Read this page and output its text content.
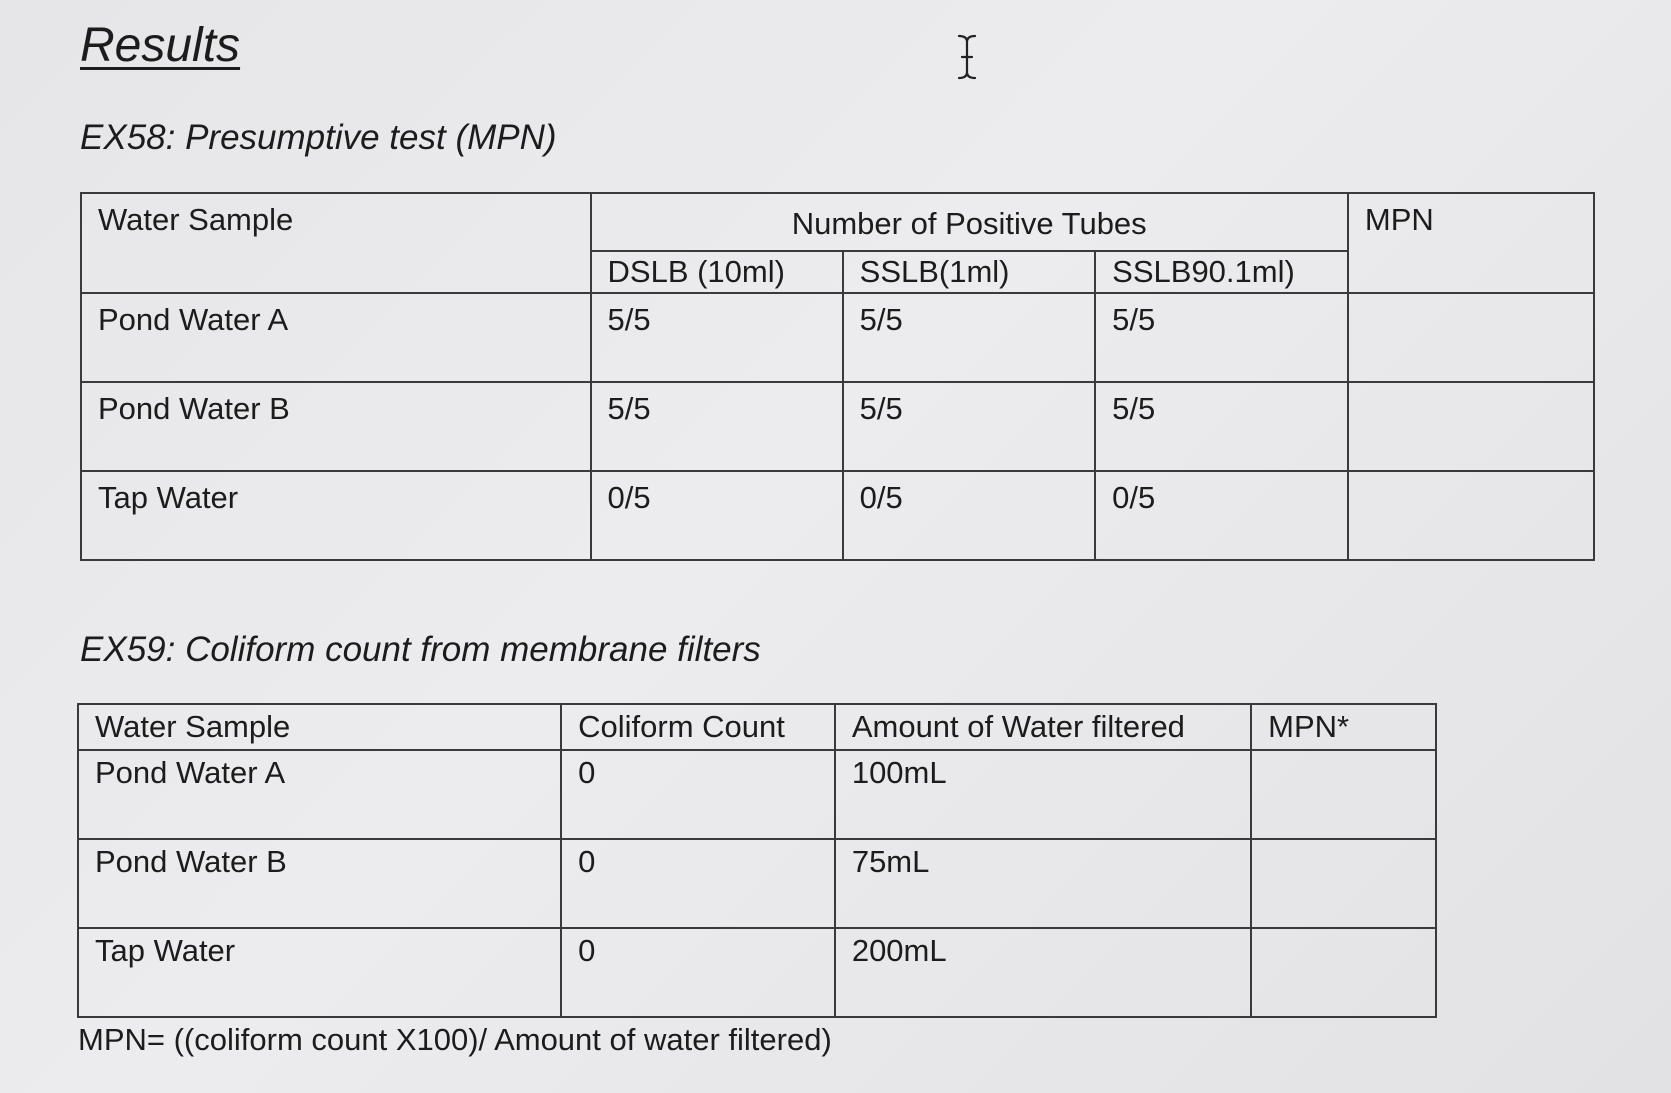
Results
EX58: Presumptive test (MPN)
Water Sample	Number of Positive Tubes			MPN
	DSLB (10ml)	SSLB(1ml)	SSLB90.1ml)	
Pond Water A	5/5	5/5	5/5	
Pond Water B	5/5	5/5	5/5	
Tap Water	0/5	0/5	0/5	
EX59: Coliform count from membrane filters
Water Sample	Coliform Count	Amount of Water filtered	MPN*
Pond Water A	0	100mL	
Pond Water B	0	75mL	
Tap Water	0	200mL	

MPN= ((coliform count X100)/ Amount of water filtered)
